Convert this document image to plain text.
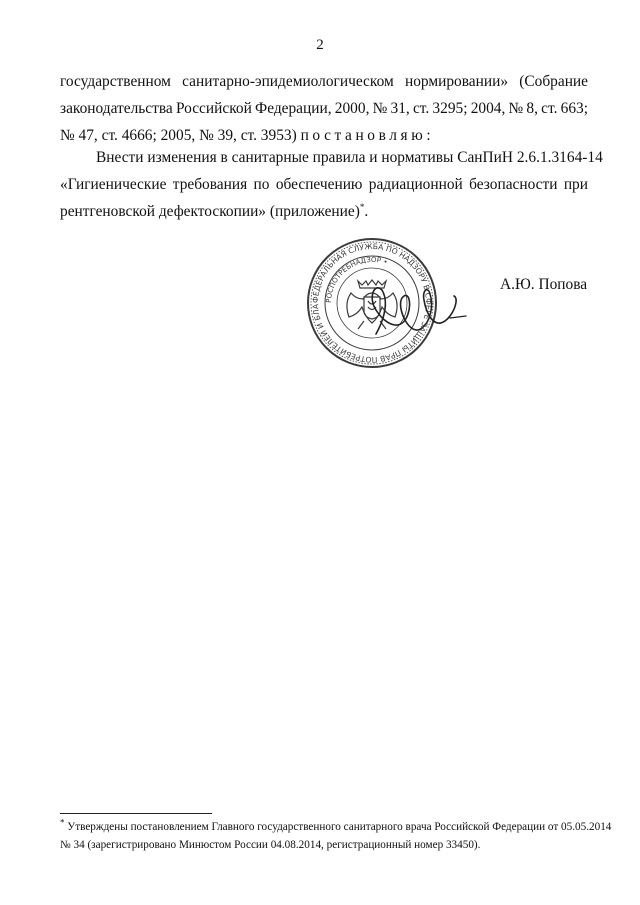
2
государственном санитарно-эпидемиологическом нормировании» (Собрание
законодательства Российской Федерации, 2000, № 31, ст. 3295; 2004, № 8, ст. 663;
№ 47, ст. 4666; 2005, № 39, ст. 3953) постановляю:
Внести изменения в санитарные правила и нормативы СанПиН 2.6.1.3164-14
«Гигиенические требования по обеспечению радиационной безопасности при
рентгеновской дефектоскопии» (приложение)*.
ФЕДЕРАЛЬНАЯ СЛУЖБА ПО НАДЗОРУ В СФЕРЕ ЗАЩИТЫ ПРАВ ПОТРЕБИТЕЛЕЙ И БЛА
РОСПОТРЕБНАДЗОР •
А.Ю. Попова
* Утверждены постановлением Главного государственного санитарного врача Российской Федерации от 05.05.2014
№ 34 (зарегистрировано Минюстом России 04.08.2014, регистрационный номер 33450).
